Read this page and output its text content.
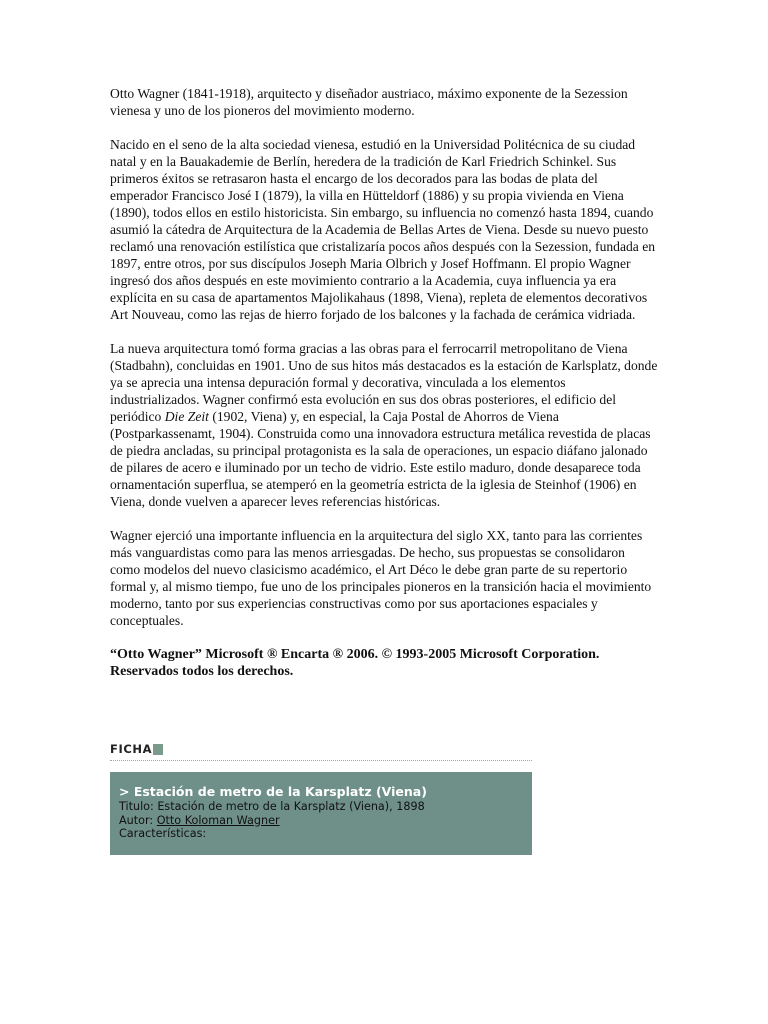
Otto Wagner (1841-1918), arquitecto y diseñador austriaco, máximo exponente de la Sezession vienesa y uno de los pioneros del movimiento moderno.

Nacido en el seno de la alta sociedad vienesa, estudió en la Universidad Politécnica de su ciudad natal y en la Bauakademie de Berlín, heredera de la tradición de Karl Friedrich Schinkel. Sus primeros éxitos se retrasaron hasta el encargo de los decorados para las bodas de plata del emperador Francisco José I (1879), la villa en Hütteldorf (1886) y su propia vivienda en Viena (1890), todos ellos en estilo historicista. Sin embargo, su influencia no comenzó hasta 1894, cuando asumió la cátedra de Arquitectura de la Academia de Bellas Artes de Viena. Desde su nuevo puesto reclamó una renovación estilística que cristalizaría pocos años después con la Sezession, fundada en 1897, entre otros, por sus discípulos Joseph Maria Olbrich y Josef Hoffmann. El propio Wagner ingresó dos años después en este movimiento contrario a la Academia, cuya influencia ya era explícita en su casa de apartamentos Majolikahaus (1898, Viena), repleta de elementos decorativos Art Nouveau, como las rejas de hierro forjado de los balcones y la fachada de cerámica vidriada.

La nueva arquitectura tomó forma gracias a las obras para el ferrocarril metropolitano de Viena (Stadbahn), concluidas en 1901. Uno de sus hitos más destacados es la estación de Karlsplatz, donde ya se aprecia una intensa depuración formal y decorativa, vinculada a los elementos industrializados. Wagner confirmó esta evolución en sus dos obras posteriores, el edificio del periódico Die Zeit (1902, Viena) y, en especial, la Caja Postal de Ahorros de Viena (Postparkassenamt, 1904). Construida como una innovadora estructura metálica revestida de placas de piedra ancladas, su principal protagonista es la sala de operaciones, un espacio diáfano jalonado de pilares de acero e iluminado por un techo de vidrio. Este estilo maduro, donde desaparece toda ornamentación superflua, se atemperó en la geometría estricta de la iglesia de Steinhof (1906) en Viena, donde vuelven a aparecer leves referencias históricas.

Wagner ejerció una importante influencia en la arquitectura del siglo XX, tanto para las corrientes más vanguardistas como para las menos arriesgadas. De hecho, sus propuestas se consolidaron como modelos del nuevo clasicismo académico, el Art Déco le debe gran parte de su repertorio formal y, al mismo tiempo, fue uno de los principales pioneros en la transición hacia el movimiento moderno, tanto por sus experiencias constructivas como por sus aportaciones espaciales y conceptuales.

“Otto Wagner” Microsoft ® Encarta ® 2006. © 1993-2005 Microsoft Corporation. Reservados todos los derechos.

FICHA
> Estación de metro de la Karsplatz (Viena)
Titulo: Estación de metro de la Karsplatz (Viena), 1898
Autor: Otto Koloman Wagner
Características:
